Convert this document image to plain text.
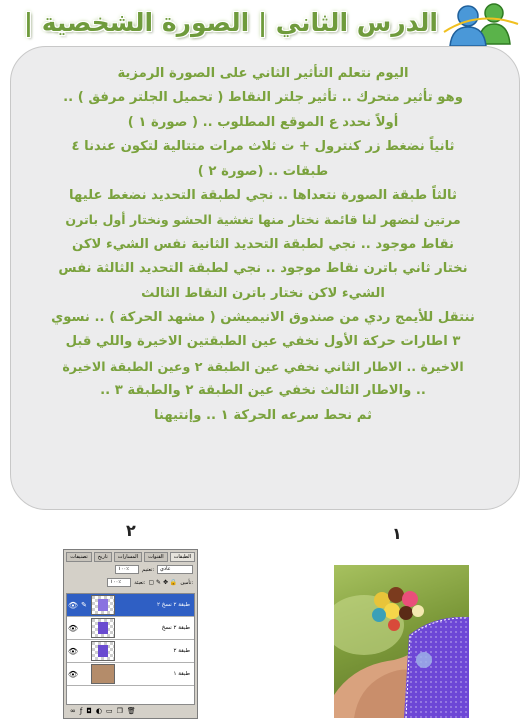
الدرس الثاني | الصورة الشخصية |
اليوم نتعلم التأثير الثاني على الصورة الرمزية
وهو تأثير متحرك .. تأثير جلتر النقاط ( تحميل الجلتر مرفق ) ..
أولاً نحدد ع الموقع المطلوب .. ( صورة ١ )
ثانياً نضغط زر كنترول + ت ثلاث مرات متتالية لتكون عندنا ٤
طبقات .. (صورة ٢ )
ثالثاً طبقة الصورة نتعداها .. نجي لطبقة التحديد نضغط عليها
مرتين لتضهر لنا قائمة نختار منها تغشية الحشو ونختار أول باترن
نقاط موجود .. نجي لطبقة التحديد الثانية نفس الشيء لاكن
نختار ثاني باترن نقاط موجود .. نجي لطبقة التحديد الثالثة نفس
الشيء لاكن نختار باترن النقاط الثالث
ننتقل للأيمج ردي من صندوق الانيميشن ( مشهد الحركة ) .. نسوي
٣ اطارات حركة الأول نخفي عين الطبقتين الاخيرة واللي قبل
الاخيرة .. الاطار الثاني نخفي عين الطبقة ٢ وعين الطبقة الاخيرة
.. والاطار الثالث نخفي عين الطبقة ٢ والطبقة ٣ ..
ثم نحط سرعه الحركة ١ .. وإنتيهنا
٢	١
الطبقات
القنوات
المسارات
تاريخ
تصنيفات
عادي
تعتيم:
١٠٠٪
تأمين:
▢ ✎ ✥ 🔒
تعبئة:
١٠٠٪
👁 ✎	طبقة ٢ نسخ ٢
👁	طبقة ٢ نسخ
👁	طبقة ٢
👁	طبقة ١
∞ ƒ ◘ ◐ ▭ ❐ 🗑
